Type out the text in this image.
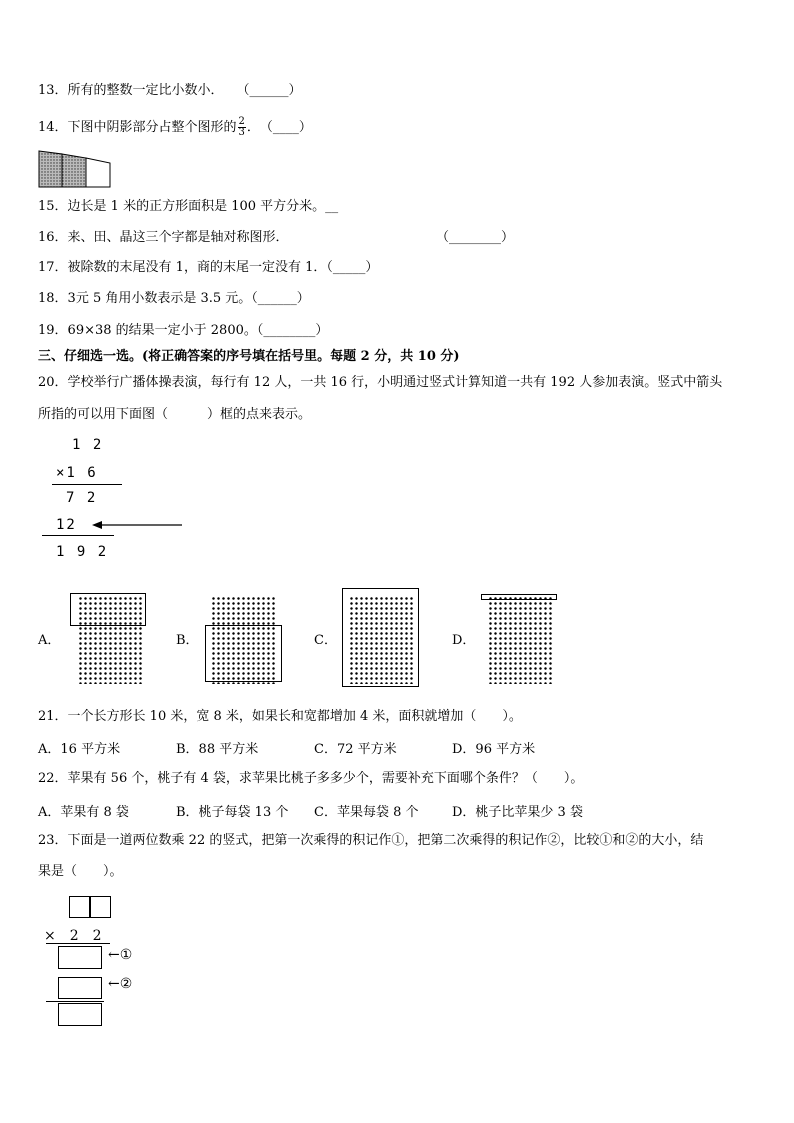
13．所有的整数一定比小数小．　　（______）
14．下图中阴影部分占整个图形的 $\frac{2}{3}$ ．　（____）
15．边长是 1 米的正方形面积是 100 平方分米。__
16．来、田、晶这三个字都是轴对称图形．	（________）
17．被除数的末尾没有 1，商的末尾一定没有 1．（_____）
18．3元 5 角用小数表示是 3.5 元。（______）
19．69×38 的结果一定小于 2800。（________）
三、仔细选一选。(将正确答案的序号填在括号里。每题 2 分，共 10 分)
20．学校举行广播体操表演，每行有 12 人，一共 16 行，小明通过竖式计算知道一共有 192 人参加表演。竖式中箭头
所指的可以用下面图（　　　）框的点来表示。
1 2
×1 6
7 2
12
1 9 2
A．	B．	C．	D．
21．一个长方形长 10 米，宽 8 米，如果长和宽都增加 4 米，面积就增加（　　）。
A．16 平方米	B．88 平方米	C．72 平方米	D．96 平方米
22．苹果有 56 个，桃子有 4 袋，求苹果比桃子多多少个，需要补充下面哪个条件？（　　）。
A．苹果有 8 袋	B．桃子每袋 13 个 C．苹果每袋 8 个	D．桃子比苹果少 3 袋
23．下面是一道两位数乘 22 的竖式，把第一次乘得的积记作①，把第二次乘得的积记作②，比较①和②的大小，结
果是（　　）。
×　2　2
←①
←②
